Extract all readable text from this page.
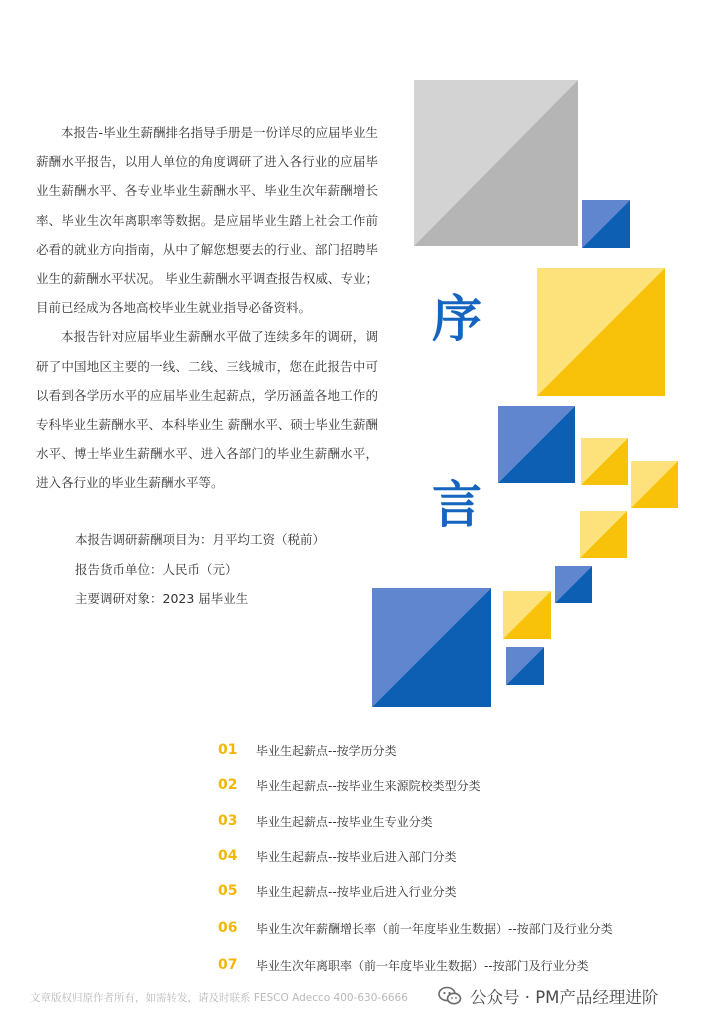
本报告-毕业生薪酬排名指导手册是一份详尽的应届毕业生薪酬水平报告，以用人单位的角度调研了进入各行业的应届毕业生薪酬水平、各专业毕业生薪酬水平、毕业生次年薪酬增长率、毕业生次年离职率等数据。是应届毕业生踏上社会工作前必看的就业方向指南，从中了解您想要去的行业、部门招聘毕业生的薪酬水平状况。 毕业生薪酬水平调查报告权威、专业；目前已经成为各地高校毕业生就业指导必备资料。

本报告针对应届毕业生薪酬水平做了连续多年的调研，调研了中国地区主要的一线、二线、三线城市，您在此报告中可以看到各学历水平的应届毕业生起薪点，学历涵盖各地工作的专科毕业生薪酬水平、本科毕业生 薪酬水平、硕士毕业生薪酬水平、博士毕业生薪酬水平、进入各部门的毕业生薪酬水平，进入各行业的毕业生薪酬水平等。

本报告调研薪酬项目为：月平均工资（税前）
报告货币单位：人民币（元）
主要调研对象：2023 届毕业生
序
言
01	毕业生起薪点--按学历分类
02	毕业生起薪点--按毕业生来源院校类型分类
03	毕业生起薪点--按毕业生专业分类
04	毕业生起薪点--按毕业后进入部门分类
05	毕业生起薪点--按毕业后进入行业分类
06	毕业生次年薪酬增长率（前一年度毕业生数据）--按部门及行业分类
07	毕业生次年离职率（前一年度毕业生数据）--按部门及行业分类
文章版权归原作者所有，如需转发，请及时联系 FESCO Adecco 400-630-6666	公众号 · PM产品经理进阶
